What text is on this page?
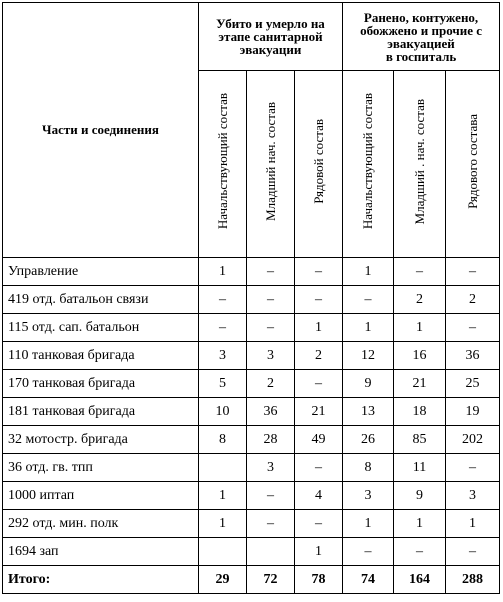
Части и соединения	Убито и умерло на этапе санитарной эвакуации			Ранено, контужено,
обожжено и прочие с
эвакуацией
в госпиталь		
	Начальствующий состав	Младший нач. состав	Рядовой состав	Начальствующий состав	Младший . нач. состав	Рядового состава
Управление	1	–	–	1	–	–
419 отд. батальон связи	–	–	–	–	2	2
115 отд. сап. батальон	–	–	1	1	1	–
110 танковая бригада	3	3	2	12	16	36
170 танковая бригада	5	2	–	9	21	25
181 танковая бригада	10	36	21	13	18	19
32 мотостр. бригада	8	28	49	26	85	202
36 отд. гв. тпп		3	–	8	11	–
1000 иптап	1	–	4	3	9	3
292 отд. мин. полк	1	–	–	1	1	1
1694 зап			1	–	–	–
Итого:	29	72	78	74	164	288
